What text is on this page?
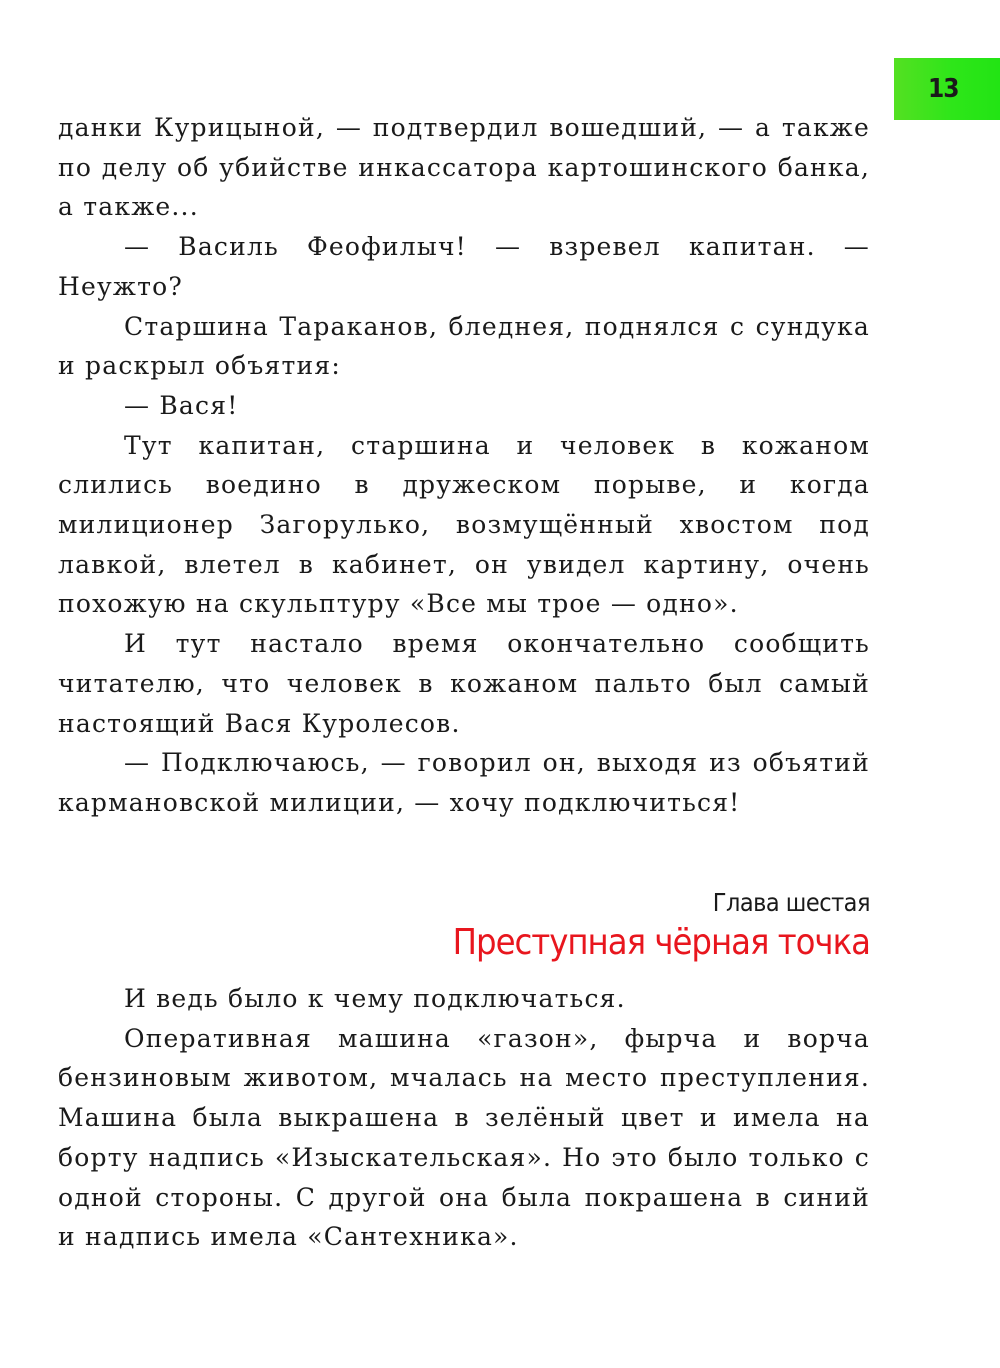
13

данки Курицыной, — подтвердил вошедший, — а также по делу об убийстве инкассатора картошинского банка, а также...

— Василь Феофилыч! — взревел капитан. — Неужто?

Старшина Тараканов, бледнея, поднялся с сундука и раскрыл объятия:

— Вася!

Тут капитан, старшина и человек в кожаном слились воедино в дружеском порыве, и когда милиционер Загорулько, возмущённый хвостом под лавкой, влетел в кабинет, он увидел картину, очень похожую на скульптуру «Все мы трое — одно».

И тут настало время окончательно сообщить читателю, что человек в кожаном пальто был самый настоящий Вася Куролесов.

— Подключаюсь, — говорил он, выходя из объятий кармановской милиции, — хочу подключиться!

Глава шестая
Преступная чёрная точка

И ведь было к чему подключаться.

Оперативная машина «газон», фырча и ворча бензиновым животом, мчалась на место преступления. Машина была выкрашена в зелёный цвет и имела на борту надпись «Изыскательская». Но это было только с одной стороны. С другой она была покрашена в синий и надпись имела «Сантехника».
